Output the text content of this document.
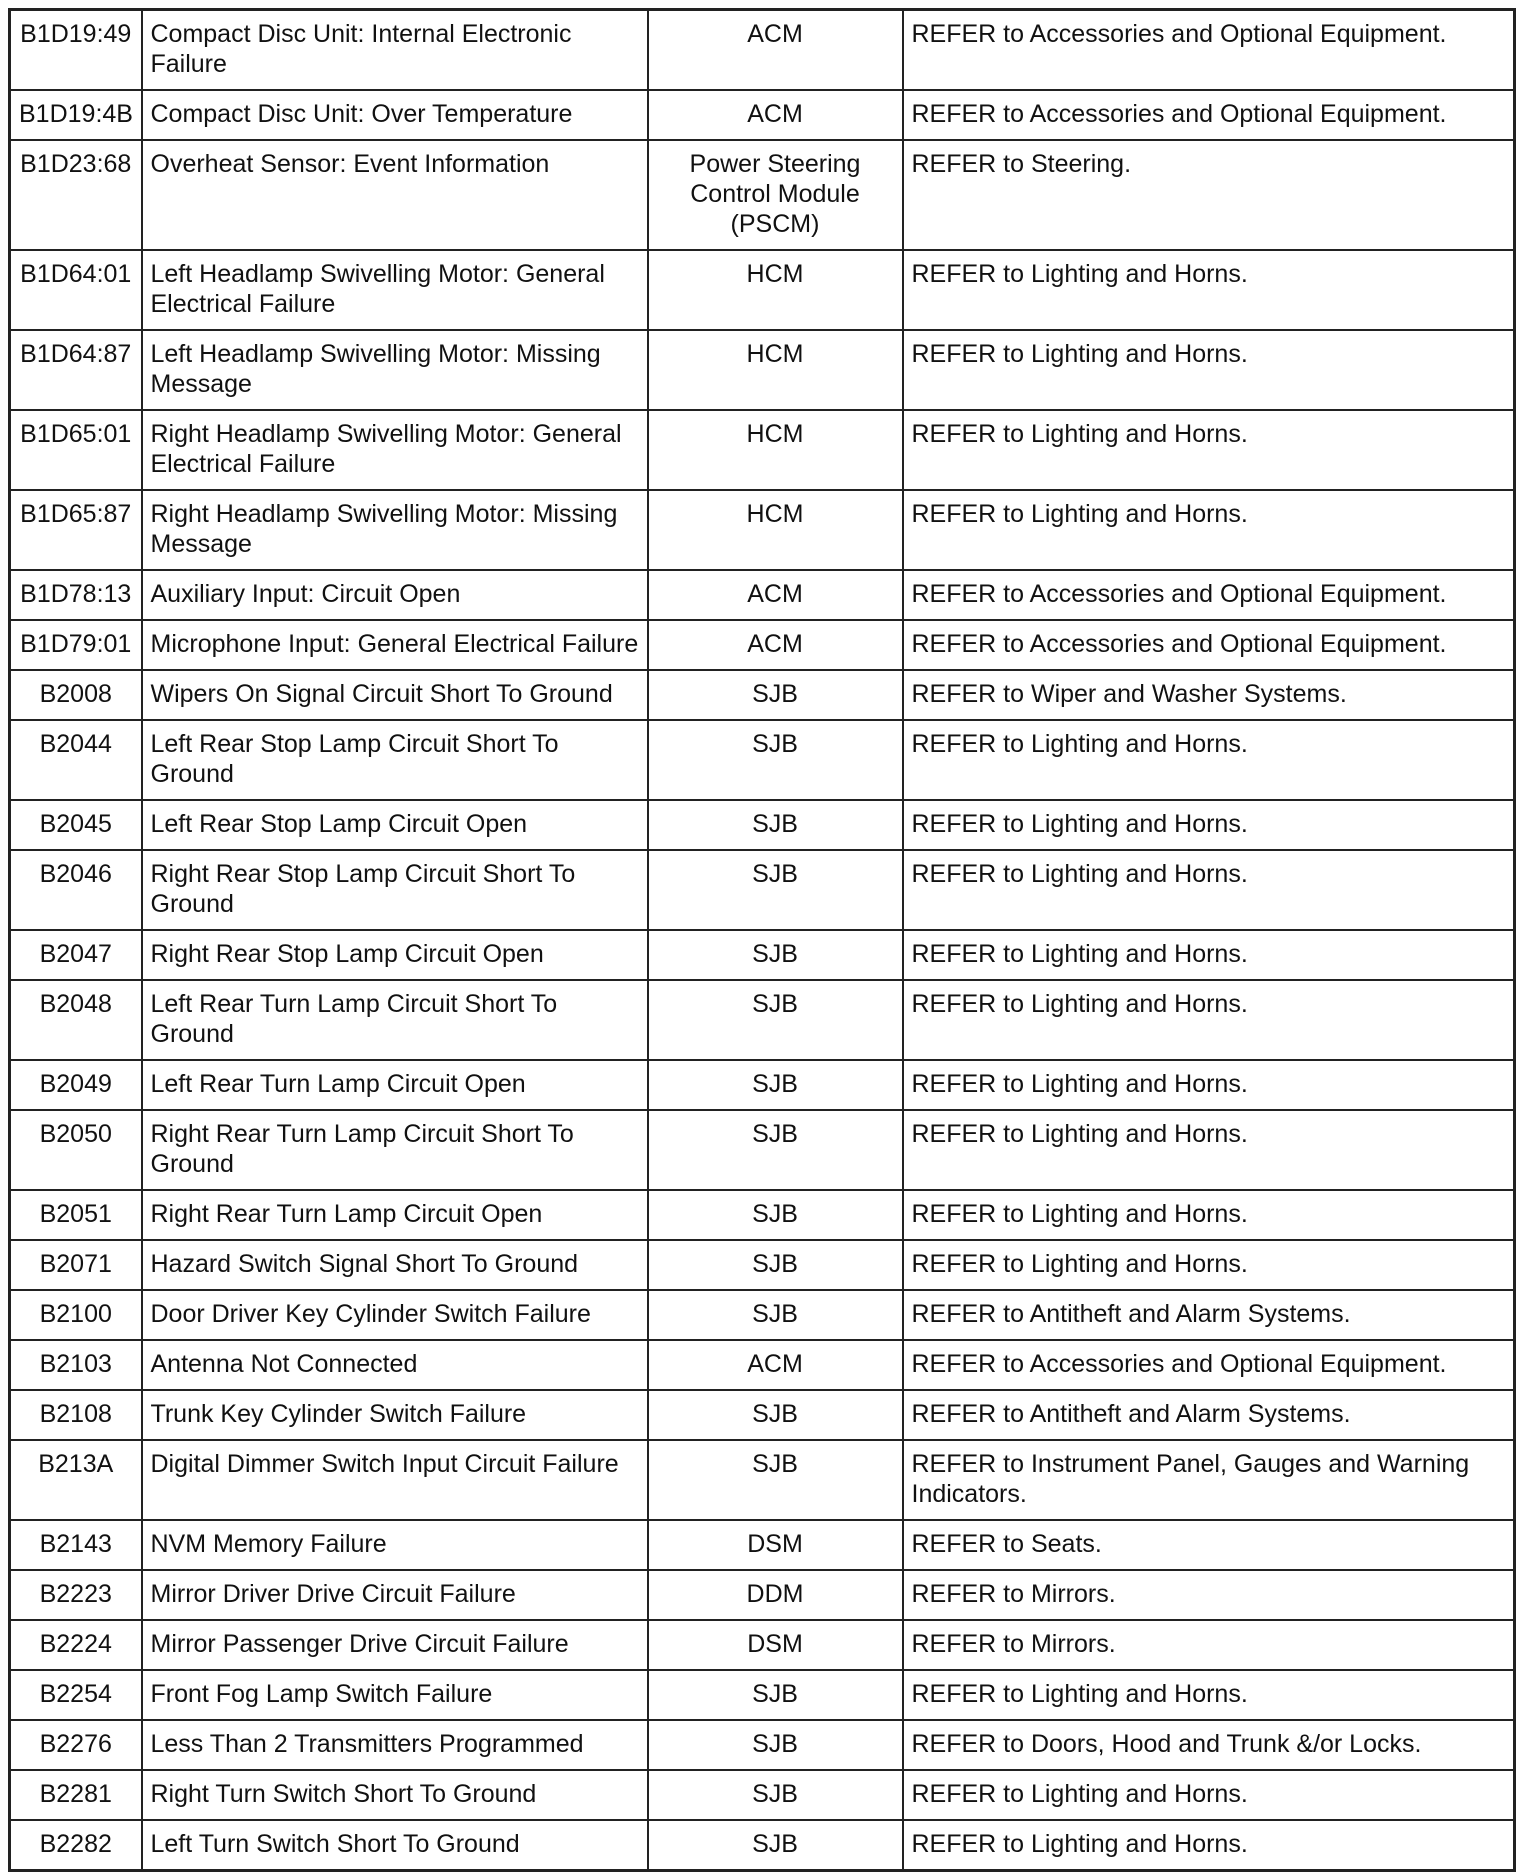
B1D19:49	Compact Disc Unit: Internal Electronic Failure	ACM	REFER to Accessories and Optional Equipment.
B1D19:4B	Compact Disc Unit: Over Temperature	ACM	REFER to Accessories and Optional Equipment.
B1D23:68	Overheat Sensor: Event Information	Power Steering Control Module (PSCM)	REFER to Steering.
B1D64:01	Left Headlamp Swivelling Motor: General Electrical Failure	HCM	REFER to Lighting and Horns.
B1D64:87	Left Headlamp Swivelling Motor: Missing Message	HCM	REFER to Lighting and Horns.
B1D65:01	Right Headlamp Swivelling Motor: General Electrical Failure	HCM	REFER to Lighting and Horns.
B1D65:87	Right Headlamp Swivelling Motor: Missing Message	HCM	REFER to Lighting and Horns.
B1D78:13	Auxiliary Input: Circuit Open	ACM	REFER to Accessories and Optional Equipment.
B1D79:01	Microphone Input: General Electrical Failure	ACM	REFER to Accessories and Optional Equipment.
B2008	Wipers On Signal Circuit Short To Ground	SJB	REFER to Wiper and Washer Systems.
B2044	Left Rear Stop Lamp Circuit Short To Ground	SJB	REFER to Lighting and Horns.
B2045	Left Rear Stop Lamp Circuit Open	SJB	REFER to Lighting and Horns.
B2046	Right Rear Stop Lamp Circuit Short To Ground	SJB	REFER to Lighting and Horns.
B2047	Right Rear Stop Lamp Circuit Open	SJB	REFER to Lighting and Horns.
B2048	Left Rear Turn Lamp Circuit Short To Ground	SJB	REFER to Lighting and Horns.
B2049	Left Rear Turn Lamp Circuit Open	SJB	REFER to Lighting and Horns.
B2050	Right Rear Turn Lamp Circuit Short To Ground	SJB	REFER to Lighting and Horns.
B2051	Right Rear Turn Lamp Circuit Open	SJB	REFER to Lighting and Horns.
B2071	Hazard Switch Signal Short To Ground	SJB	REFER to Lighting and Horns.
B2100	Door Driver Key Cylinder Switch Failure	SJB	REFER to Antitheft and Alarm Systems.
B2103	Antenna Not Connected	ACM	REFER to Accessories and Optional Equipment.
B2108	Trunk Key Cylinder Switch Failure	SJB	REFER to Antitheft and Alarm Systems.
B213A	Digital Dimmer Switch Input Circuit Failure	SJB	REFER to Instrument Panel, Gauges and Warning Indicators.
B2143	NVM Memory Failure	DSM	REFER to Seats.
B2223	Mirror Driver Drive Circuit Failure	DDM	REFER to Mirrors.
B2224	Mirror Passenger Drive Circuit Failure	DSM	REFER to Mirrors.
B2254	Front Fog Lamp Switch Failure	SJB	REFER to Lighting and Horns.
B2276	Less Than 2 Transmitters Programmed	SJB	REFER to Doors, Hood and Trunk &/or Locks.
B2281	Right Turn Switch Short To Ground	SJB	REFER to Lighting and Horns.
B2282	Left Turn Switch Short To Ground	SJB	REFER to Lighting and Horns.
